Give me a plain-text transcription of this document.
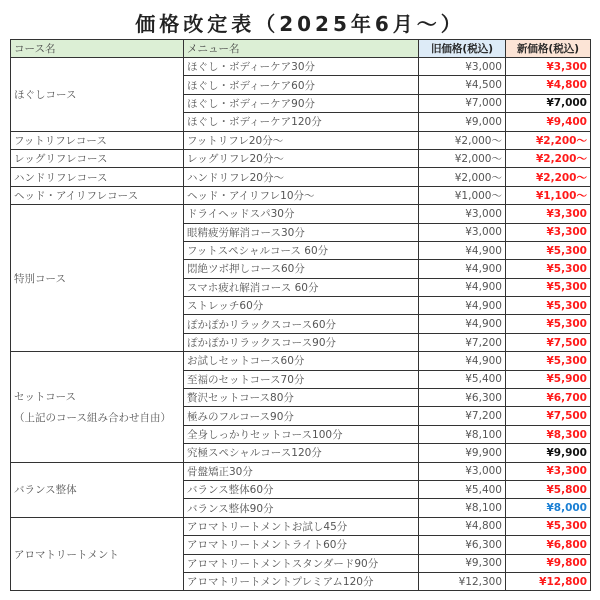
価格改定表（2025年6月～）
コース名	メニュー名	旧価格(税込)	新価格(税込)

ほぐしコース	ほぐし・ボディーケア30分	¥3,000	¥3,300
	ほぐし・ボディーケア60分	¥4,500	¥4,800
	ほぐし・ボディーケア90分	¥7,000	¥7,000
	ほぐし・ボディーケア120分	¥9,000	¥9,400

フットリフレコース	フットリフレ20分～	¥2,000～	¥2,200～

レッグリフレコース	レッグリフレ20分～	¥2,000～	¥2,200～

ハンドリフレコース	ハンドリフレ20分～	¥2,000～	¥2,200～

ヘッド・アイリフレコース	ヘッド・アイリフレ10分～	¥1,000～	¥1,100～

特別コース	ドライヘッドスパ30分	¥3,000	¥3,300
	眼精疲労解消コース30分	¥3,000	¥3,300
	フットスペシャルコース 60分	¥4,900	¥5,300
	悶絶ツボ押しコース60分	¥4,900	¥5,300
	スマホ疲れ解消コース 60分	¥4,900	¥5,300
	ストレッチ60分	¥4,900	¥5,300
	ぽかぽかリラックスコース60分	¥4,900	¥5,300
	ぽかぽかリラックスコース90分	¥7,200	¥7,500

セットコース
（上記のコース組み合わせ自由）	お試しセットコース60分	¥4,900	¥5,300
	至福のセットコース70分	¥5,400	¥5,900
	贅沢セットコース80分	¥6,300	¥6,700
	極みのフルコース90分	¥7,200	¥7,500
	全身しっかりセットコース100分	¥8,100	¥8,300
	究極スペシャルコース120分	¥9,900	¥9,900

バランス整体	骨盤矯正30分	¥3,000	¥3,300
	バランス整体60分	¥5,400	¥5,800
	バランス整体90分	¥8,100	¥8,000

アロマトリートメント	アロマトリートメントお試し45分	¥4,800	¥5,300
	アロマトリートメントライト60分	¥6,300	¥6,800
	アロマトリートメントスタンダード90分	¥9,300	¥9,800
	アロマトリートメントプレミアム120分	¥12,300	¥12,800
